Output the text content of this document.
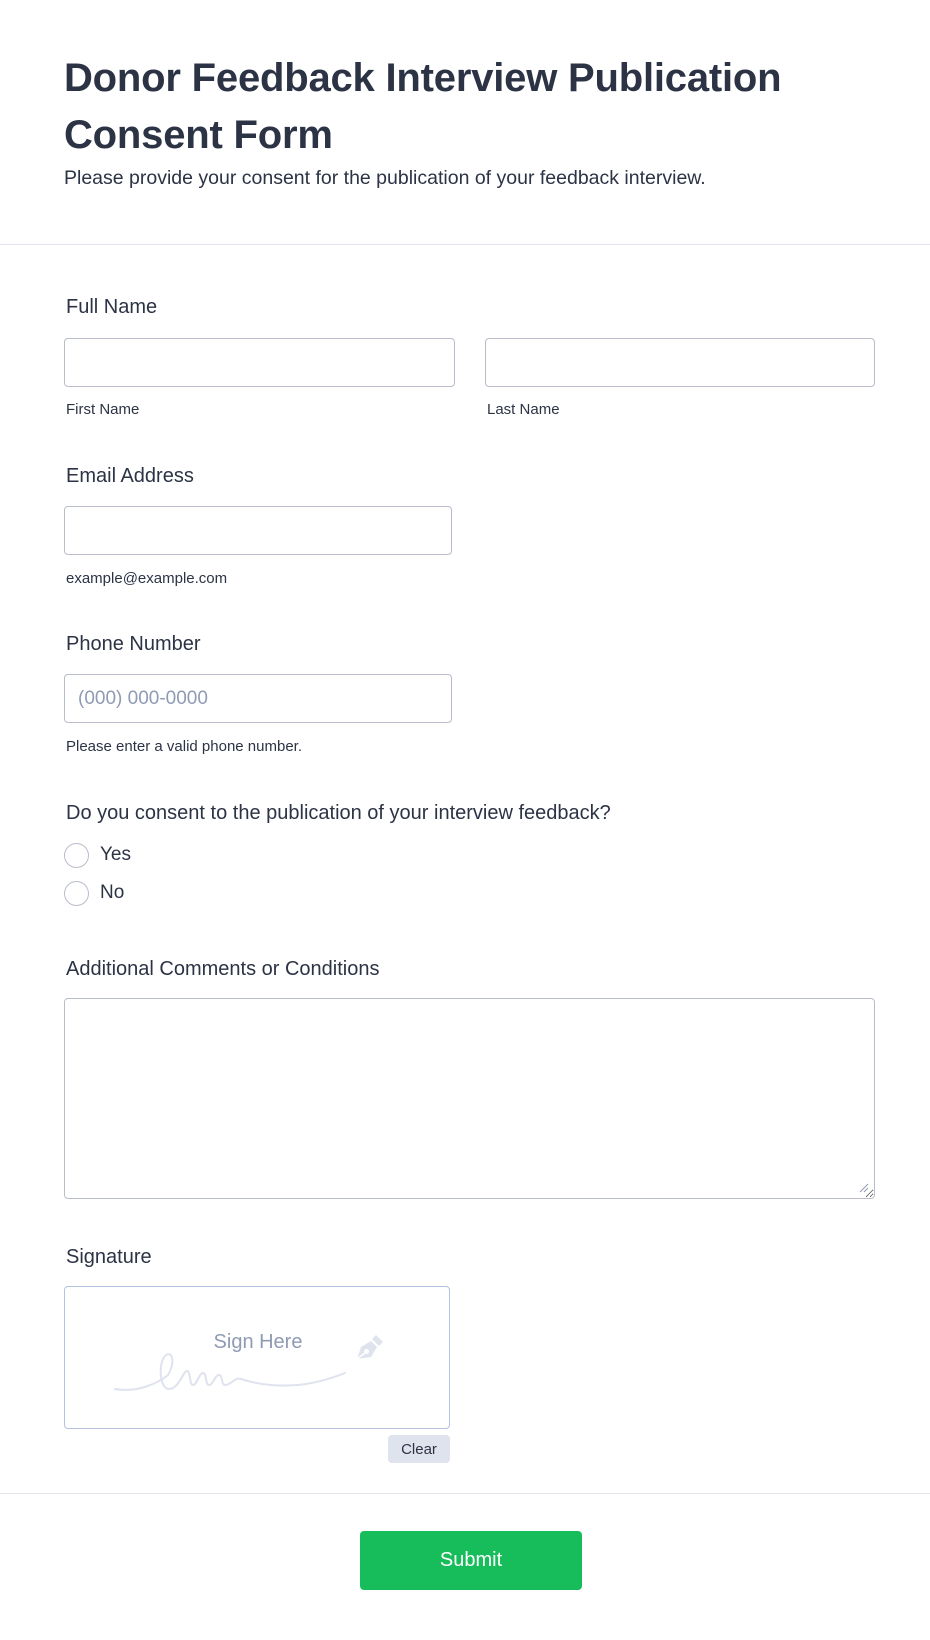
Donor Feedback Interview Publication Consent Form

Please provide your consent for the publication of your feedback interview.

Full Name
First Name	Last Name
Email Address
example@example.com
Phone Number
(000) 000-0000
Please enter a valid phone number.
Do you consent to the publication of your interview feedback?
Yes
No
Additional Comments or Conditions
Signature
Sign Here
Clear
Submit
